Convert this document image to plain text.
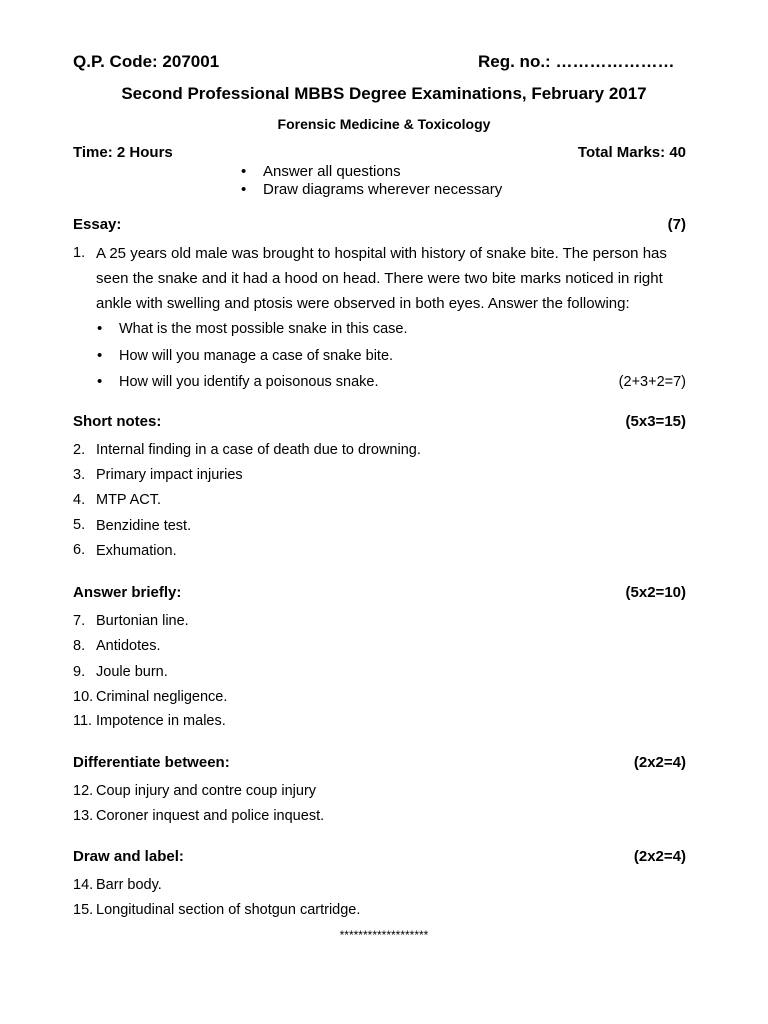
Q.P. Code: 207001	Reg. no.: …………………
Second Professional MBBS Degree Examinations, February 2017
Forensic Medicine & Toxicology
Time: 2 Hours	Total Marks: 40
• Answer all questions
• Draw diagrams wherever necessary
Essay:	(7)
1. A 25 years old male was brought to hospital with history of snake bite. The person has
seen the snake and it had a hood on head. There were two bite marks noticed in right
ankle with swelling and ptosis were observed in both eyes. Answer the following:
• What is the most possible snake in this case.
• How will you manage a case of snake bite.
• How will you identify a poisonous snake.	(2+3+2=7)
Short notes:	(5x3=15)
2. Internal finding in a case of death due to drowning.
3. Primary impact injuries
4. MTP ACT.
5. Benzidine test.
6. Exhumation.
Answer briefly:	(5x2=10)
7. Burtonian line.
8. Antidotes.
9. Joule burn.
10. Criminal negligence.
11. Impotence in males.
Differentiate between:	(2x2=4)
12. Coup injury and contre coup injury
13. Coroner inquest and police inquest.
Draw and label:	(2x2=4)
14. Barr body.
15. Longitudinal section of shotgun cartridge.
*******************
